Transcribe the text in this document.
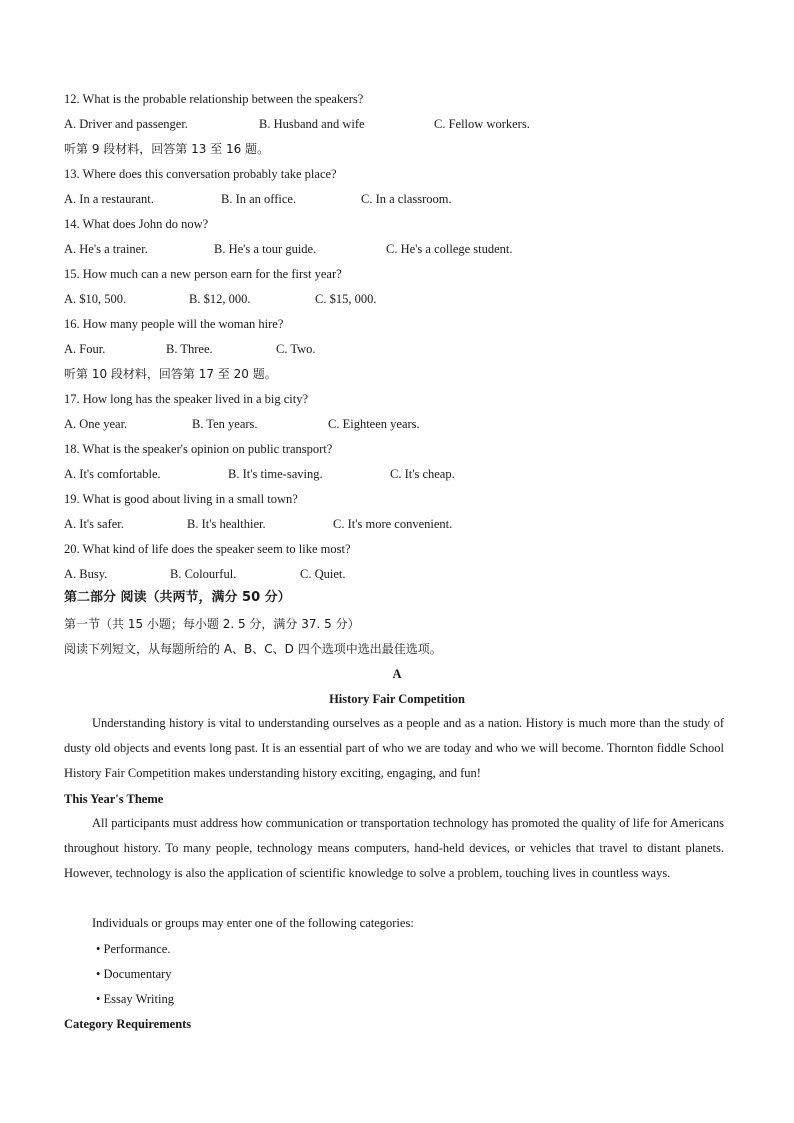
12. What is the probable relationship between the speakers?
A. Driver and passenger.	B. Husband and wife	C. Fellow workers.
听第 9 段材料，回答第 13 至 16 题。
13. Where does this conversation probably take place?
A. In a restaurant.	B. In an office.	C. In a classroom.
14. What does John do now?
A. He's a trainer.	B. He's a tour guide.	C. He's a college student.
15. How much can a new person earn for the first year?
A. $10, 500.	B. $12, 000.	C. $15, 000.
16. How many people will the woman hire?
A. Four.	B. Three.	C. Two.
听第 10 段材料，回答第 17 至 20 题。
17. How long has the speaker lived in a big city?
A. One year.	B. Ten years.	C. Eighteen years.
18. What is the speaker's opinion on public transport?
A. It's comfortable.	B. It's time-saving.	C. It's cheap.
19. What is good about living in a small town?
A. It's safer.	B. It's healthier.	C. It's more convenient.
20. What kind of life does the speaker seem to like most?
A. Busy.	B. Colourful.	C. Quiet.
第二部分 阅读（共两节，满分 50 分）
第一节（共 15 小题；每小题 2. 5 分，满分 37. 5 分）
阅读下列短文，从每题所给的 A、B、C、D 四个选项中选出最佳选项。
A
History Fair Competition
Understanding history is vital to understanding ourselves as a people and as a nation. History is much more than the study of dusty old objects and events long past. It is an essential part of who we are today and who we will become. Thornton fiddle School History Fair Competition makes understanding history exciting, engaging, and fun!
This Year's Theme
All participants must address how communication or transportation technology has promoted the quality of life for Americans throughout history. To many people, technology means computers, hand-held devices, or vehicles that travel to distant planets. However, technology is also the application of scientific knowledge to solve a problem, touching lives in countless ways.
Individuals or groups may enter one of the following categories:
• Performance.
• Documentary
• Essay Writing
Category Requirements
